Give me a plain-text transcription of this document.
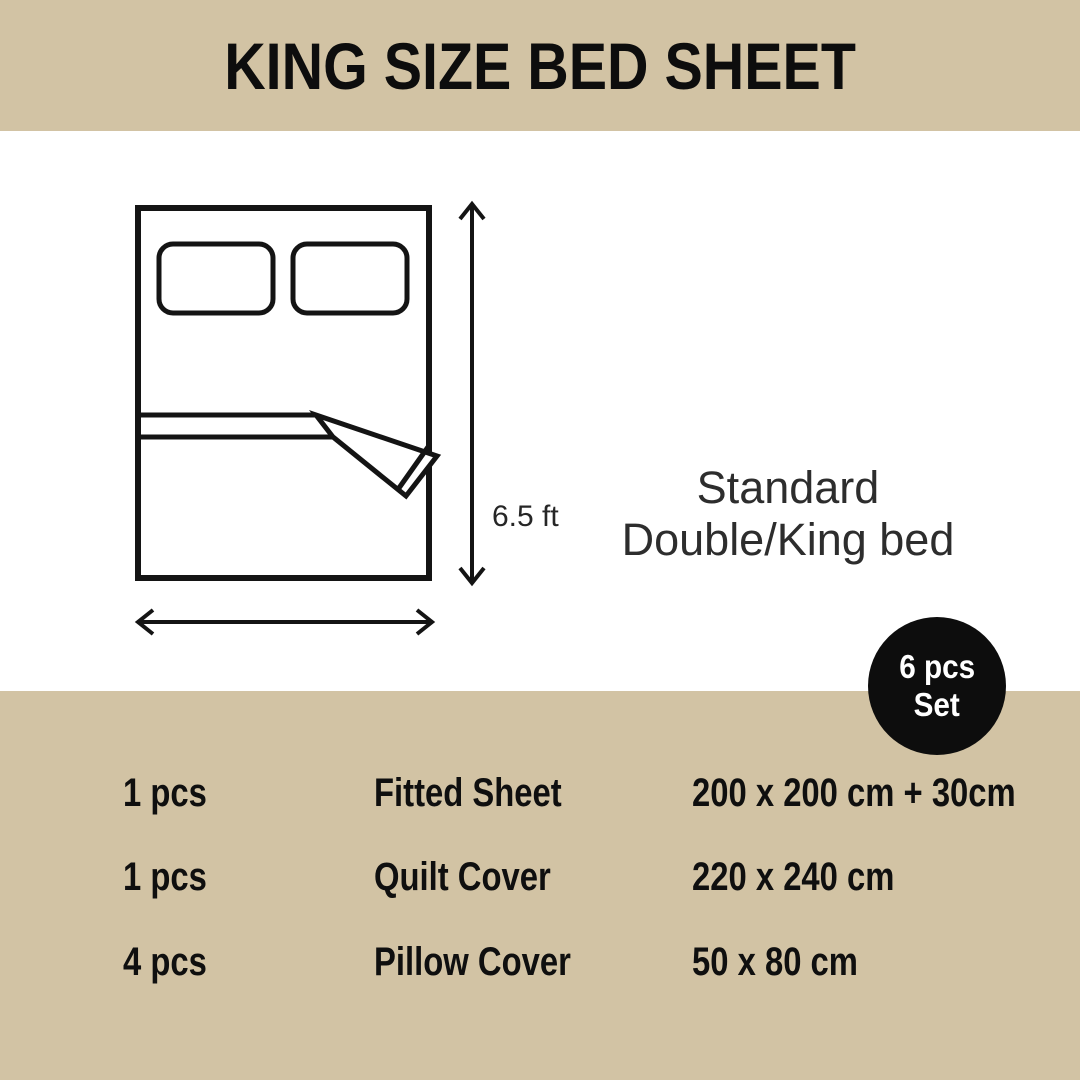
KING SIZE BED SHEET
6.5 ft
Standard
Double/King bed
6 pcs
Set
1 pcs	Fitted Sheet	200 x 200 cm + 30cm
1 pcs	Quilt Cover	220 x 240 cm
4 pcs	Pillow Cover	50 x 80 cm
